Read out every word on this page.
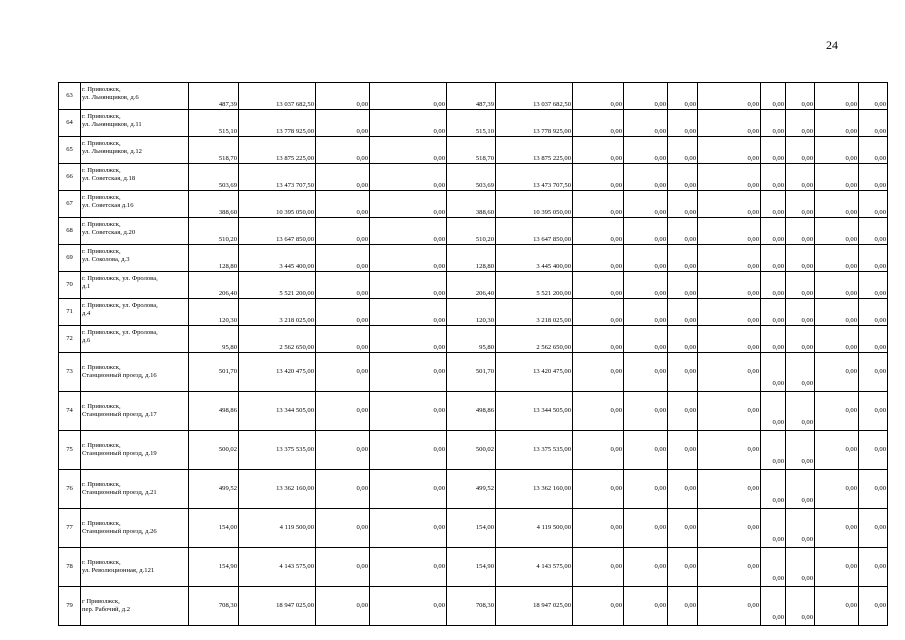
24
63	г. Приволжск,
ул. Льнянщиков, д.6	487,39	13 037 682,50	0,00	0,00	487,39	13 037 682,50	0,00	0,00	0,00	0,00	0,00	0,00	0,00	0,00
64	г. Приволжск,
ул. Льнянщиков, д.11	515,10	13 778 925,00	0,00	0,00	515,10	13 778 925,00	0,00	0,00	0,00	0,00	0,00	0,00	0,00	0,00
65	г. Приволжск,
ул. Льнянщиков, д.12	518,70	13 875 225,00	0,00	0,00	518,70	13 875 225,00	0,00	0,00	0,00	0,00	0,00	0,00	0,00	0,00
66	г. Приволжск,
ул. Советская, д.18	503,69	13 473 707,50	0,00	0,00	503,69	13 473 707,50	0,00	0,00	0,00	0,00	0,00	0,00	0,00	0,00
67	г. Приволжск,
ул. Советская д.16	388,60	10 395 050,00	0,00	0,00	388,60	10 395 050,00	0,00	0,00	0,00	0,00	0,00	0,00	0,00	0,00
68	г. Приволжск,
ул. Советская, д.20	510,20	13 647 850,00	0,00	0,00	510,20	13 647 850,00	0,00	0,00	0,00	0,00	0,00	0,00	0,00	0,00
69	г. Приволжск,
ул. Соколова, д.3	128,80	3 445 400,00	0,00	0,00	128,80	3 445 400,00	0,00	0,00	0,00	0,00	0,00	0,00	0,00	0,00
70	г. Приволжск, ул. Фролова,
д.1	206,40	5 521 200,00	0,00	0,00	206,40	5 521 200,00	0,00	0,00	0,00	0,00	0,00	0,00	0,00	0,00
71	г. Приволжск, ул. Фролова,
д.4	120,30	3 218 025,00	0,00	0,00	120,30	3 218 025,00	0,00	0,00	0,00	0,00	0,00	0,00	0,00	0,00
72	г. Приволжск, ул. Фролова,
д.6	95,80	2 562 650,00	0,00	0,00	95,80	2 562 650,00	0,00	0,00	0,00	0,00	0,00	0,00	0,00	0,00
73	г. Приволжск,
Станционный проезд, д.16	501,70	13 420 475,00	0,00	0,00	501,70	13 420 475,00	0,00	0,00	0,00	0,00	0,00	0,00	0,00	0,00
74	г. Приволжск,
Станционный проезд, д.17	498,86	13 344 505,00	0,00	0,00	498,86	13 344 505,00	0,00	0,00	0,00	0,00	0,00	0,00	0,00	0,00
75	г. Приволжск,
Станционный проезд, д.19	500,02	13 375 535,00	0,00	0,00	500,02	13 375 535,00	0,00	0,00	0,00	0,00	0,00	0,00	0,00	0,00
76	г. Приволжск,
Станционный проезд, д.21	499,52	13 362 160,00	0,00	0,00	499,52	13 362 160,00	0,00	0,00	0,00	0,00	0,00	0,00	0,00	0,00
77	г. Приволжск,
Станционный проезд, д.26	154,00	4 119 500,00	0,00	0,00	154,00	4 119 500,00	0,00	0,00	0,00	0,00	0,00	0,00	0,00	0,00
78	г. Приволжск,
ул. Революционная, д.121	154,90	4 143 575,00	0,00	0,00	154,90	4 143 575,00	0,00	0,00	0,00	0,00	0,00	0,00	0,00	0,00
79	г Приволжск,
пер. Рабочий, д.2	708,30	18 947 025,00	0,00	0,00	708,30	18 947 025,00	0,00	0,00	0,00	0,00	0,00	0,00	0,00	0,00
